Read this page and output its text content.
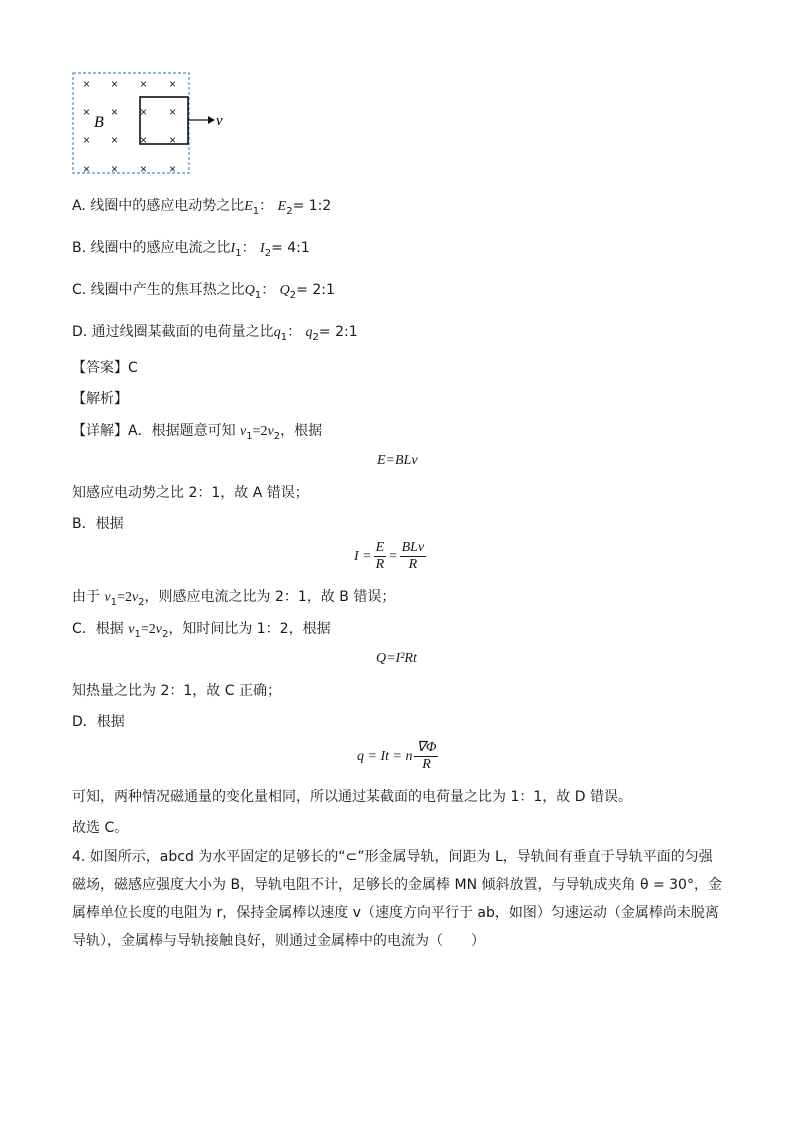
× × × ×
× × × ×
× × × ×
× × × ×
v
B
A. 线圈中的感应电动势之比$E_1$： $E_2=$ 1:2
B. 线圈中的感应电流之比$I_1$： $I_2=$ 4:1
C. 线圈中产生的焦耳热之比$Q_1$： $Q_2=$ 2:1
D. 通过线圈某截面的电荷量之比$q_1$： $q_2=$ 2:1
【答案】C
【解析】
【详解】A．根据题意可知 $v_1=2v_2$，根据
E=BLv
知感应电动势之比 2：1，故 A 错误；
B．根据
$I = \frac{E}{R} = \frac{\text{BLv}}{R}$
由于 $v_1=2v_2$，则感应电流之比为 2：1，故 B 错误；
C．根据 $v_1=2v_2$，知时间比为 1：2，根据
Q=I²Rt
知热量之比为 2：1，故 C 正确；
D．根据
q = It = n $\frac{\nabla\Phi}{R}$
可知，两种情况磁通量的变化量相同，所以通过某截面的电荷量之比为 1：1，故 D 错误。
故选 C。
4. 如图所示，abcd 为水平固定的足够长的“⊂”形金属导轨，间距为 L，导轨间有垂直于导轨平面的匀强磁场，磁感应强度大小为 B，导轨电阻不计，足够长的金属棒 MN 倾斜放置，与导轨成夹角 θ = 30°，金属棒单位长度的电阻为 r，保持金属棒以速度 v（速度方向平行于 ab，如图）匀速运动（金属棒尚未脱离导轨），金属棒与导轨接触良好，则通过金属棒中的电流为（　　）
